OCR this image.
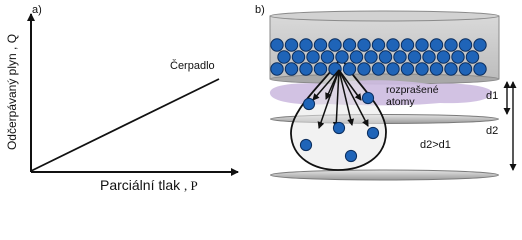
a)
Odčerpávaný plyn , Q	Čerpadlo
Parciální tlak , P
b)
rozprašené
atomy	d1
d2
d2>d1
